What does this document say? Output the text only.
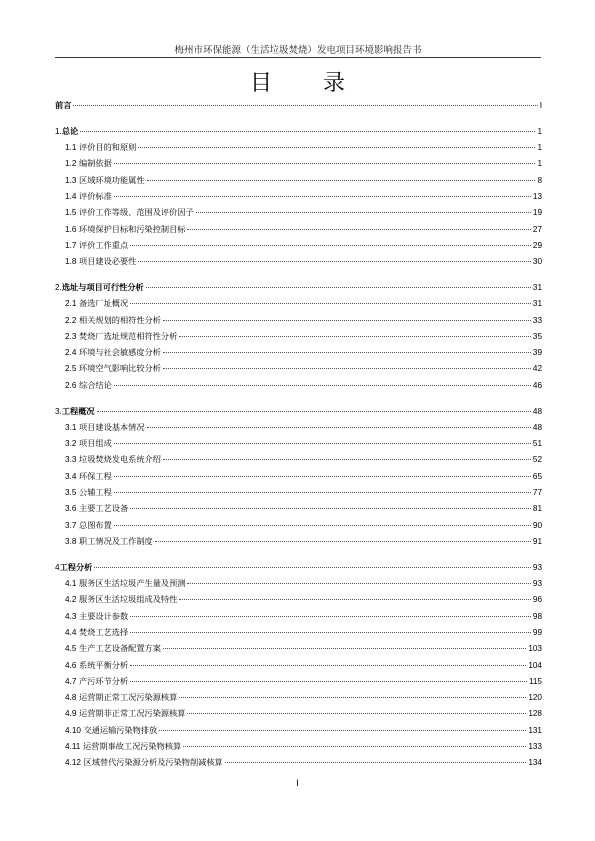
梅州市环保能源（生活垃圾焚烧）发电项目环境影响报告书
目 录
前言	I
1.总论	1
1.1 评价目的和原则	1
1.2 编制依据	1
1.3 区域环境功能属性	8
1.4 评价标准	13
1.5 评价工作等级、范围及评价因子	19
1.6 环境保护目标和污染控制目标	27
1.7 评价工作重点	29
1.8 项目建设必要性	30
2.选址与项目可行性分析	31
2.1 备选厂址概况	31
2.2 相关规划的相符性分析	33
2.3 焚烧厂选址规范相符性分析	35
2.4 环境与社会敏感度分析	39
2.5 环境空气影响比较分析	42
2.6 综合结论	46
3.工程概况	48
3.1 项目建设基本情况	48
3.2 项目组成	51
3.3 垃圾焚烧发电系统介绍	52
3.4 环保工程	65
3.5 公辅工程	77
3.6 主要工艺设备	81
3.7 总图布置	90
3.8 职工情况及工作制度	91
4工程分析	93
4.1 服务区生活垃圾产生量及预测	93
4.2 服务区生活垃圾组成及特性	96
4.3 主要设计参数	98
4.4 焚烧工艺选择	99
4.5 生产工艺设备配置方案	103
4.6 系统平衡分析	104
4.7 产污环节分析	115
4.8 运营期正常工况污染源核算	120
4.9 运营期非正常工况污染源核算	128
4.10 交通运输污染物排放	131
4.11 运营期事故工况污染物核算	133
4.12 区域替代污染源分析及污染物削减核算	134
I
